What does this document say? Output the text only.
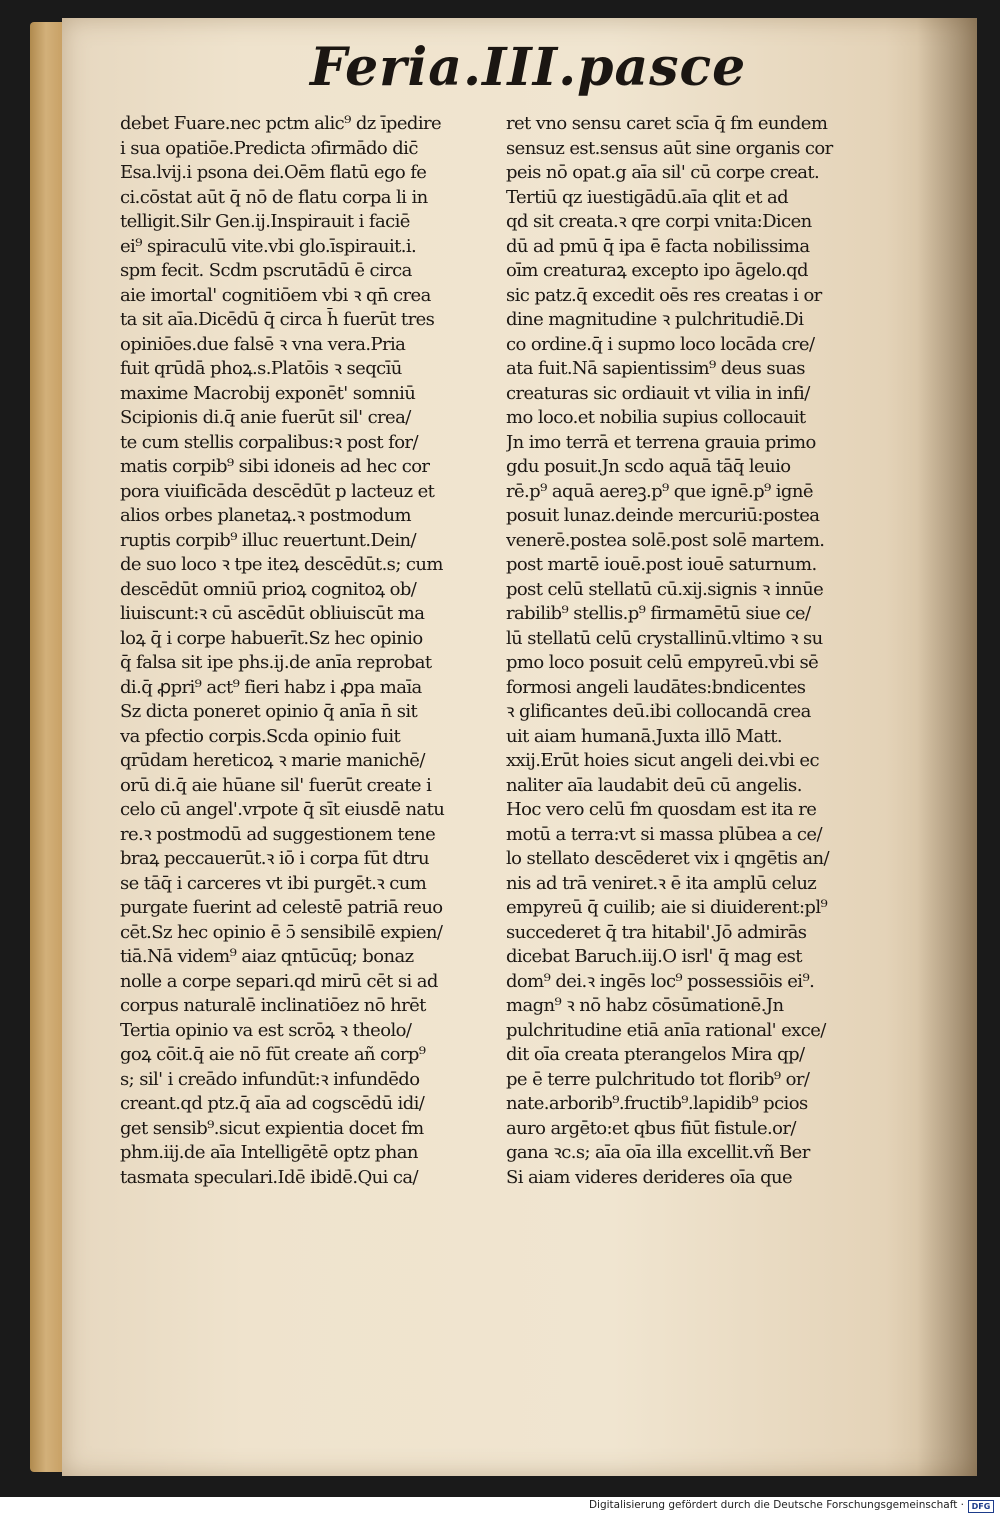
Feria.III.pasce
debet Fuare.nec pctm alic⁹ dz īpedire
i sua opatiōe.Predicta ɔfirmādo dic̄
Esa.lvij.i psona dei.Oēm flatū ego fe
ci.cōstat aūt q̄ nō de flatu corpa li in
telligit.Silr Gen.ij.Inspirauit i faciē
ei⁹ spiraculū vite.vbi glo.īspirauit.i.
spm fecit. Scdm pscrutādū ē circa
aie imortal' cognitiōem vbi ꝛ qn̄ crea
ta sit aīa.Dicēdū q̄ circa h̄ fuerūt tres
opiniōes.due falsē ꝛ vna vera.Pria
fuit qrūdā phoꝝ.s.Platōis ꝛ seqcīū
maxime Macrobij exponēt' somniū
Scipionis di.q̄ anie fuerūt sil' crea/
te cum stellis corpalibus:ꝛ post for/
matis corpib⁹ sibi idoneis ad hec cor
pora viuificāda descēdūt p lacteuz et
alios orbes planetaꝝ.ꝛ postmodum
ruptis corpib⁹ illuc reuertunt.Dein/
de suo loco ꝛ tpe iteꝝ descēdūt.s; cum
descēdūt omniū prioꝝ cognitoꝝ ob/
liuiscunt:ꝛ cū ascēdūt obliuiscūt ma
loꝝ q̄ i corpe habuerīt.Sz hec opinio
q̄ falsa sit ipe phs.ij.de anīa reprobat
di.q̄ ꝓpri⁹ act⁹ fieri habz i ꝓpa maīa
Sz dicta poneret opinio q̄ anīa n̄ sit
va pfectio corpis.Scda opinio fuit
qrūdam hereticoꝝ ꝛ marie manichē/
orū di.q̄ aie hūane sil' fuerūt create i
celo cū angel'.vrpote q̄ sīt eiusdē natu
re.ꝛ postmodū ad suggestionem tene
braꝝ peccauerūt.ꝛ iō i corpa fūt dtru
se tāq̄ i carceres vt ibi purgēt.ꝛ cum
purgate fuerint ad celestē patriā reuo
cēt.Sz hec opinio ē ɔ̄ sensibilē expien/
tiā.Nā videm⁹ aiaz qntūcūq; bonaz
nolle a corpe separi.qd mirū cēt si ad
corpus naturalē inclinatiōez nō hrēt
Tertia opinio va est scrōꝝ ꝛ theolo/
goꝝ cōit.q̄ aie nō fūt create añ corp⁹
s; sil' i creādo infundūt:ꝛ infundēdo
creant.qd ptz.q̄ aīa ad cogscēdū idi/
get sensib⁹.sicut expientia docet fm
phm.iij.de aīa Intelligētē optz phan
tasmata speculari.Idē ibidē.Qui ca/
ret vno sensu caret scīa q̄ fm eundem
sensuz est.sensus aūt sine organis cor
peis nō opat.g aīa sil' cū corpe creat.
Tertiū qz iuestigādū.aīa qlit et ad
qd sit creata.ꝛ qre corpi vnita:Dicen
dū ad pmū q̄ ipa ē facta nobilissima
oīm creaturaꝝ excepto ipo āgelo.qd
sic patz.q̄ excedit oēs res creatas i or
dine magnitudine ꝛ pulchritudiē.Di
co ordine.q̄ i supmo loco locāda cre/
ata fuit.Nā sapientissim⁹ deus suas
creaturas sic ordiauit vt vilia in infi/
mo loco.et nobilia supius collocauit
Jn imo terrā et terrena grauia primo
gdu posuit.Jn scdo aquā tāq̄ leuio
rē.p⁹ aquā aereꝫ.p⁹ que ignē.p⁹ ignē
posuit lunaz.deinde mercuriū:postea
venerē.postea solē.post solē martem.
post martē iouē.post iouē saturnum.
post celū stellatū cū.xij.signis ꝛ innūe
rabilib⁹ stellis.p⁹ firmamētū siue ce/
lū stellatū celū crystallinū.vltimo ꝛ su
pmo loco posuit celū empyreū.vbi sē
formosi angeli laudātes:bndicentes
ꝛ glificantes deū.ibi collocandā crea
uit aiam humanā.Juxta illō Matt.
xxij.Erūt hoies sicut angeli dei.vbi ec
naliter aīa laudabit deū cū angelis.
Hoc vero celū fm quosdam est ita re
motū a terra:vt si massa plūbea a ce/
lo stellato descēderet vix i qngētis an/
nis ad trā veniret.ꝛ ē ita amplū celuz
empyreū q̄ cuilib; aie si diuiderent:pl⁹
succederet q̄ tra hitabil'.Jō admirās
dicebat Baruch.iij.O isrl' q̄ mag est
dom⁹ dei.ꝛ ingēs loc⁹ possessiōis ei⁹.
magn⁹ ꝛ nō habz cōsūmationē.Jn
pulchritudine etiā anīa rational' exce/
dit oīa creata pterangelos Mira qp/
pe ē terre pulchritudo tot florib⁹ or/
nate.arborib⁹.fructib⁹.lapidib⁹ pcios
auro argēto:et qbus fiūt fistule.or/
gana ꝛc.s; aīa oīa illa excellit.vñ Ber
Si aiam videres derideres oīa que
Digitalisierung gefördert durch die Deutsche Forschungsgemeinschaft · DFG
